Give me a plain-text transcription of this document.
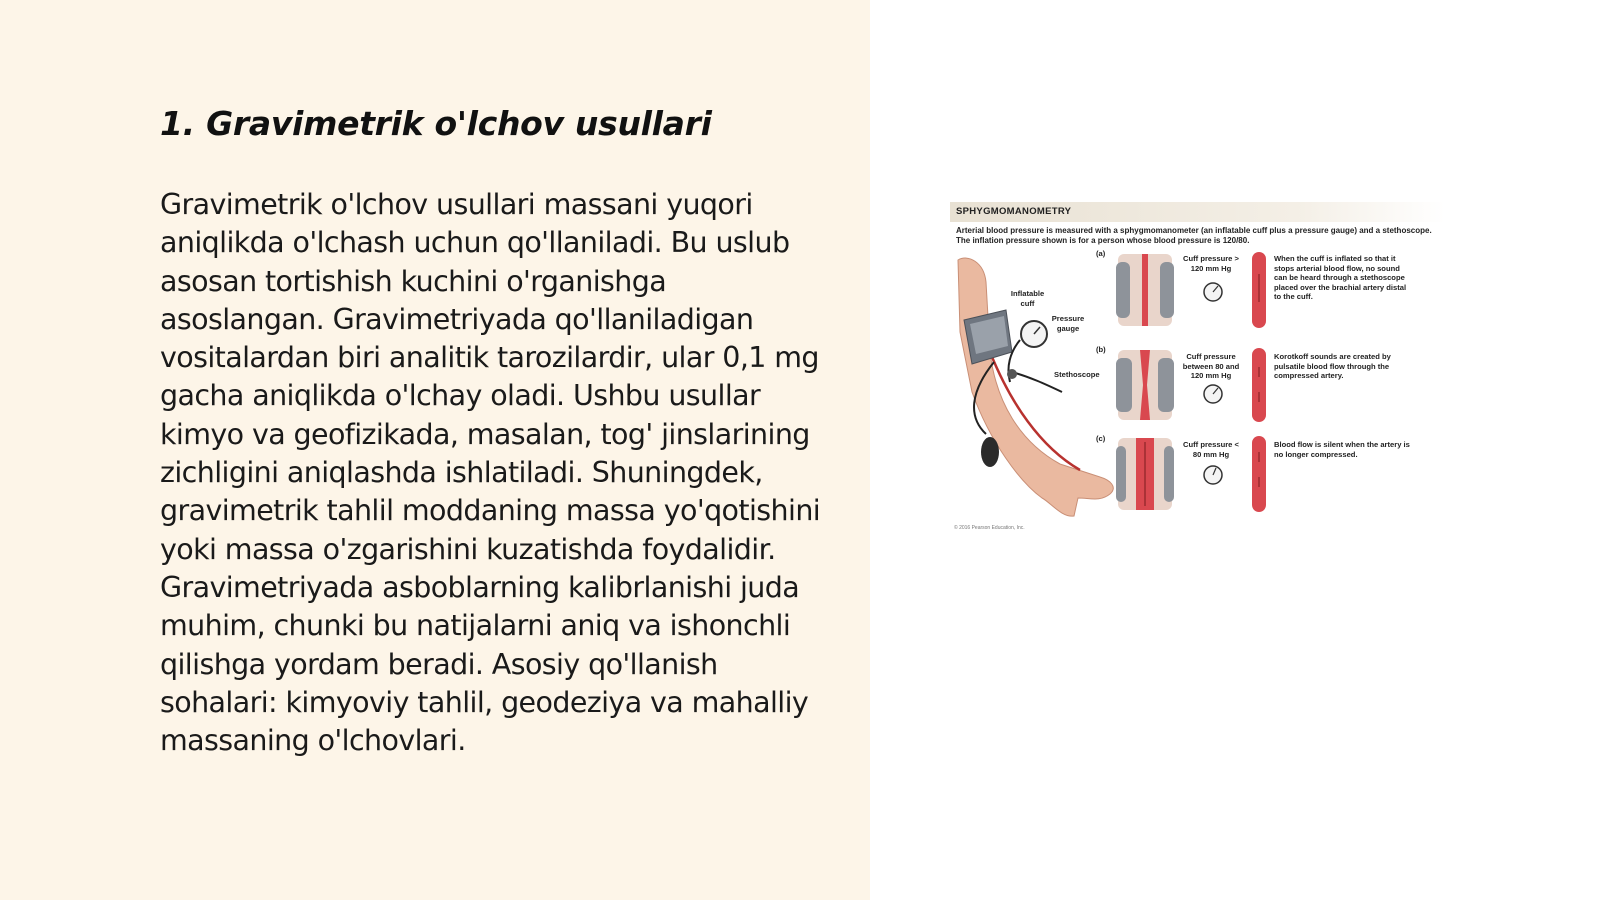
1. Gravimetrik o'lchov usullari

Gravimetrik o'lchov usullari massani yuqori aniqlikda o'lchash uchun qo'llaniladi. Bu uslub asosan tortishish kuchini o'rganishga asoslangan. Gravimetriyada qo'llaniladigan vositalardan biri analitik tarozilardir, ular 0,1 mg gacha aniqlikda o'lchay oladi. Ushbu usullar kimyo va geofizikada, masalan, tog' jinslarining zichligini aniqlashda ishlatiladi. Shuningdek, gravimetrik tahlil moddaning massa yo'qotishini yoki massa o'zgarishini kuzatishda foydalidir. Gravimetriyada asboblarning kalibrlanishi juda muhim, chunki bu natijalarni aniq va ishonchli qilishga yordam beradi. Asosiy qo'llanish sohalari: kimyoviy tahlil, geodeziya va mahalliy massaning o'lchovlari.

SPHYGMOMANOMETRY
Arterial blood pressure is measured with a sphygmomanometer (an inflatable cuff plus a pressure gauge) and a stethoscope. The inflation pressure shown is for a person whose blood pressure is 120/80.
Inflatable cuff
Pressure gauge
Stethoscope
(a)
Cuff pressure > 120 mm Hg
When the cuff is inflated so that it stops arterial blood flow, no sound can be heard through a stethoscope placed over the brachial artery distal to the cuff.
(b)
Cuff pressure between 80 and 120 mm Hg
Korotkoff sounds are created by pulsatile blood flow through the compressed artery.
(c)
Cuff pressure < 80 mm Hg
Blood flow is silent when the artery is no longer compressed.
© 2016 Pearson Education, Inc.
